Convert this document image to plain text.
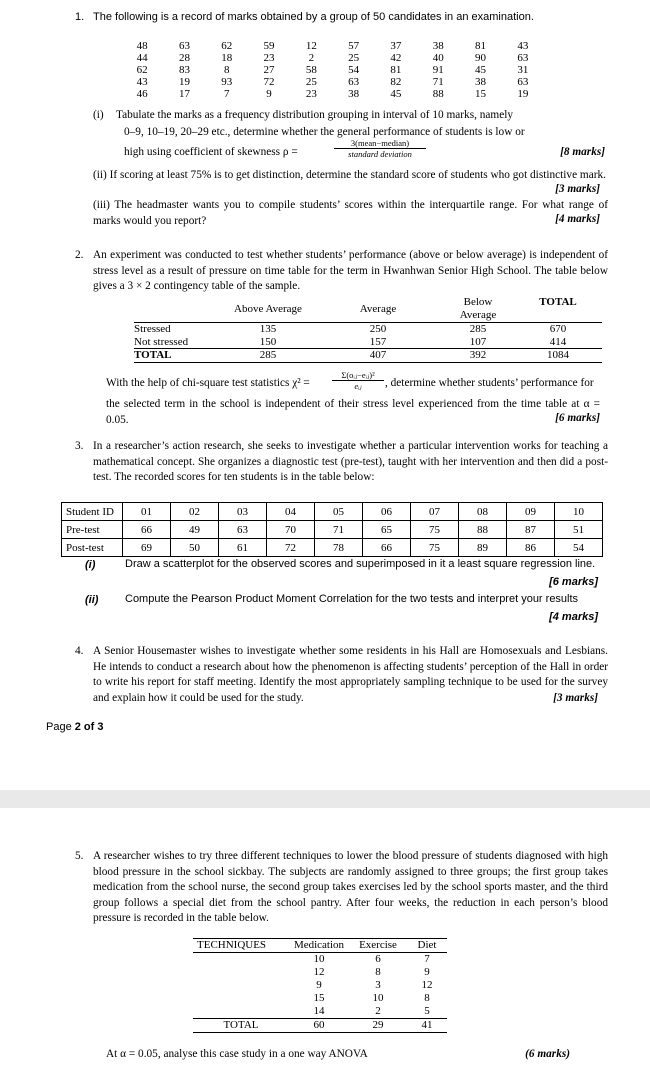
1. The following is a record of marks obtained by a group of 50 candidates in an examination.
48	63	62	59	12	57	37	38	81	43
44	28	18	23	2	25	42	40	90	63
62	83	8	27	58	54	81	91	45	31
43	19	93	72	25	63	82	71	38	63
46	17	7	9	23	38	45	88	15	19
(i) Tabulate the marks as a frequency distribution grouping in interval of 10 marks, namely
0–9, 10–19, 20–29 etc., determine whether the general performance of students is low or
high using coefficient of skewness ρ =
3(mean−median)
standard deviation	[8 marks]
(ii) If scoring at least 75% is to get distinction, determine the standard score of students who got distinctive mark.
[3 marks]
(iii) The headmaster wants you to compile students’ scores within the interquartile range. For what range of marks would you report?	[4 marks]
2. An experiment was conducted to test whether students’ performance (above or below average) is independent of stress level as a result of pressure on time table for the term in Hwanhwan Senior High School. The table below gives a 3 × 2 contingency table of the sample.
	Above Average	Average	Below Average	TOTAL
Stressed	135	250	285	670
Not stressed	150	157	107	414
TOTAL	285	407	392	1084
With the help of chi-square test statistics χ² =
Σ(oᵢⱼ−eᵢⱼ)²
eᵢⱼ	, determine whether students’ performance for
the selected term in the school is independent of their stress level experienced from the time table at α = 0.05.	[6 marks]
3. In a researcher’s action research, she seeks to investigate whether a particular intervention works for teaching a mathematical concept. She organizes a diagnostic test (pre-test), taught with her intervention and then did a post-test. The recorded scores for ten students is in the table below:
Student ID	01	02	03	04	05	06	07	08	09	10
Pre-test	66	49	63	70	71	65	75	88	87	51
Post-test	69	50	61	72	78	66	75	89	86	54
(i)	Draw a scatterplot for the observed scores and superimposed in it a least square regression line.
[6 marks]
(ii) Compute the Pearson Product Moment Correlation for the two tests and interpret your results
[4 marks]
4. A Senior Housemaster wishes to investigate whether some residents in his Hall are Homosexuals and Lesbians. He intends to conduct a research about how the phenomenon is affecting students’ perception of the Hall in order to write his report for staff meeting. Identify the most appropriately sampling technique to be used for the survey and explain how it could be used for the study.	[3 marks]
Page 2 of 3
5. A researcher wishes to try three different techniques to lower the blood pressure of students diagnosed with high blood pressure in the school sickbay. The subjects are randomly assigned to three groups; the first group takes medication from the school nurse, the second group takes exercises led by the school sports master, and the third group follows a special diet from the school pantry. After four weeks, the reduction in each person’s blood pressure is recorded in the table below.
TECHNIQUES	Medication	Exercise	Diet
	10	6	7
	12	8	9
	9	3	12
	15	10	8
	14	2	5
TOTAL	60	29	41
At α = 0.05, analyse this case study in a one way ANOVA	(6 marks)
